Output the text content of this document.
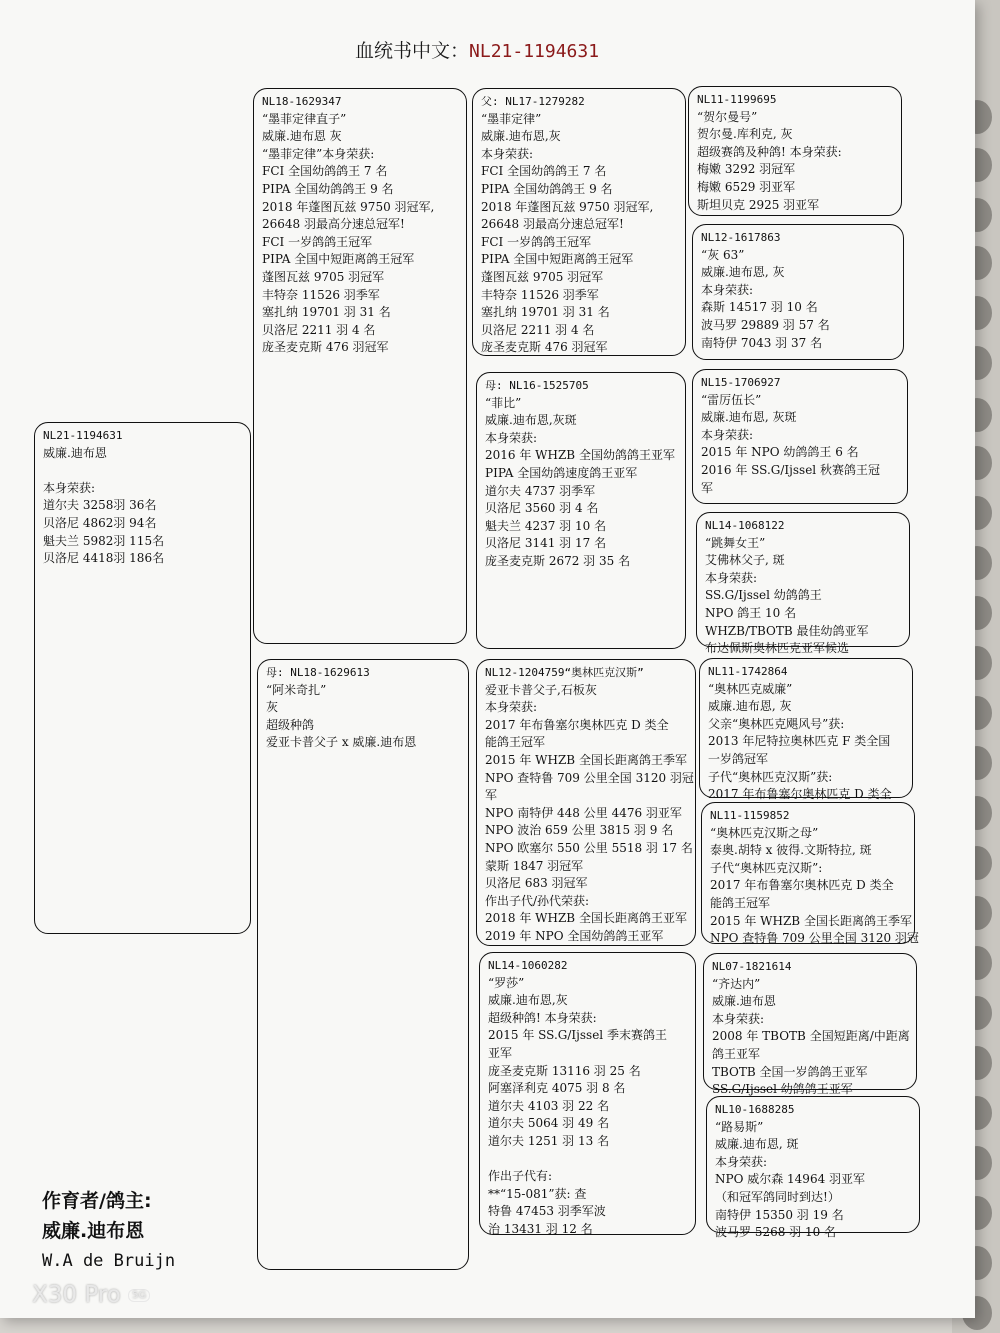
血统书中文：NL21-1194631
NL21-1194631
威廉.迪布恩
本身荣获:
道尔夫 3258羽 36名
贝洛尼 4862羽 94名
魁夫兰 5982羽 115名
贝洛尼 4418羽 186名
NL18-1629347
“墨菲定律直子”
威廉.迪布恩 灰
“墨菲定律”本身荣获:
FCI 全国幼鸽鸽王 7 名
PIPA 全国幼鸽鸽王 9 名
2018 年蓬图瓦兹 9750 羽冠军,
26648 羽最高分速总冠军!
FCI 一岁鸽鸽王冠军
PIPA 全国中短距离鸽王冠军
蓬图瓦兹 9705 羽冠军
丰特奈 11526 羽季军
塞扎纳 19701 羽 31 名
贝洛尼 2211 羽 4 名
庞圣麦克斯 476 羽冠军
母: NL18-1629613
“阿米奇扎”
灰
超级种鸽
爱亚卡普父子 x 威廉.迪布恩
父: NL17-1279282
“墨菲定律”
威廉.迪布恩,灰
本身荣获:
FCI 全国幼鸽鸽王 7 名
PIPA 全国幼鸽鸽王 9 名
2018 年蓬图瓦兹 9750 羽冠军,
26648 羽最高分速总冠军!
FCI 一岁鸽鸽王冠军
PIPA 全国中短距离鸽王冠军
蓬图瓦兹 9705 羽冠军
丰特奈 11526 羽季军
塞扎纳 19701 羽 31 名
贝洛尼 2211 羽 4 名
庞圣麦克斯 476 羽冠军
母: NL16-1525705
“菲比”
威廉.迪布恩,灰斑
本身荣获:
2016 年 WHZB 全国幼鸽鸽王亚军
PIPA 全国幼鸽速度鸽王亚军
道尔夫 4737 羽季军
贝洛尼 3560 羽 4 名
魁夫兰 4237 羽 10 名
贝洛尼 3141 羽 17 名
庞圣麦克斯 2672 羽 35 名
NL12-1204759“奥林匹克汉斯”
爱亚卡普父子,石板灰
本身荣获:
2017 年布鲁塞尔奥林匹克 D 类全
能鸽王冠军
2015 年 WHZB 全国长距离鸽王季军
NPO 查特鲁 709 公里全国 3120 羽冠
军
NPO 南特伊 448 公里 4476 羽亚军
NPO 波治 659 公里 3815 羽 9 名
NPO 欧塞尔 550 公里 5518 羽 17 名
蒙斯 1847 羽冠军
贝洛尼 683 羽冠军
作出子代/孙代荣获:
2018 年 WHZB 全国长距离鸽王亚军
2019 年 NPO 全国幼鸽鸽王亚军
NL14-1060282
“罗莎”
威廉.迪布恩,灰
超级种鸽! 本身荣获:
2015 年 SS.G/Ijssel 季末赛鸽王
亚军
庞圣麦克斯 13116 羽 25 名
阿塞泽利克 4075 羽 8 名
道尔夫 4103 羽 22 名
道尔夫 5064 羽 49 名
道尔夫 1251 羽 13 名
作出子代有:
**“15-081”获: 查
特鲁 47453 羽季军波
治 13431 羽 12 名
NL11-1199695
“贺尔曼号”
贺尔曼.库利克, 灰
超级赛鸽及种鸽! 本身荣获:
梅嫩 3292 羽冠军
梅嫩 6529 羽亚军
斯坦贝克 2925 羽亚军
NL12-1617863
“灰 63”
威廉.迪布恩, 灰
本身荣获:
森斯 14517 羽 10 名
波马罗 29889 羽 57 名
南特伊 7043 羽 37 名
NL15-1706927
“雷厉伍长”
威廉.迪布恩, 灰斑
本身荣获:
2015 年 NPO 幼鸽鸽王 6 名
2016 年 SS.G/Ijssel 秋赛鸽王冠
军
NL14-1068122
“跳舞女王”
艾佛林父子, 斑
本身荣获:
SS.G/Ijssel 幼鸽鸽王
NPO 鸽王 10 名
WHZB/TBOTB 最佳幼鸽亚军
布达佩斯奥林匹克亚军候选
NL11-1742864
“奥林匹克威廉”
威廉.迪布恩, 灰
父亲“奥林匹克飓风号”获:
2013 年尼特拉奥林匹克 F 类全国
一岁鸽冠军
子代“奥林匹克汉斯”获:
2017 年布鲁塞尔奥林匹克 D 类全
NL11-1159852
“奥林匹克汉斯之母”
泰奥.胡特 x 彼得.文斯特拉, 斑
子代“奥林匹克汉斯”:
2017 年布鲁塞尔奥林匹克 D 类全
能鸽王冠军
2015 年 WHZB 全国长距离鸽王季军
NPO 查特鲁 709 公里全国 3120 羽冠
NL07-1821614
“齐达内”
威廉.迪布恩
本身荣获:
2008 年 TBOTB 全国短距离/中距离
鸽王亚军
TBOTB 全国一岁鸽鸽王亚军
SS.G/Ijssel 幼鸽鸽王亚军
NL10-1688285
“路易斯”
威廉.迪布恩, 斑
本身荣获:
NPO 威尔森 14964 羽亚军
（和冠军鸽同时到达!）
南特伊 15350 羽 19 名
波马罗 5268 羽 10 名
作育者/鸽主:
威廉.迪布恩
W.A de Bruijn
X30 Pro 5G
